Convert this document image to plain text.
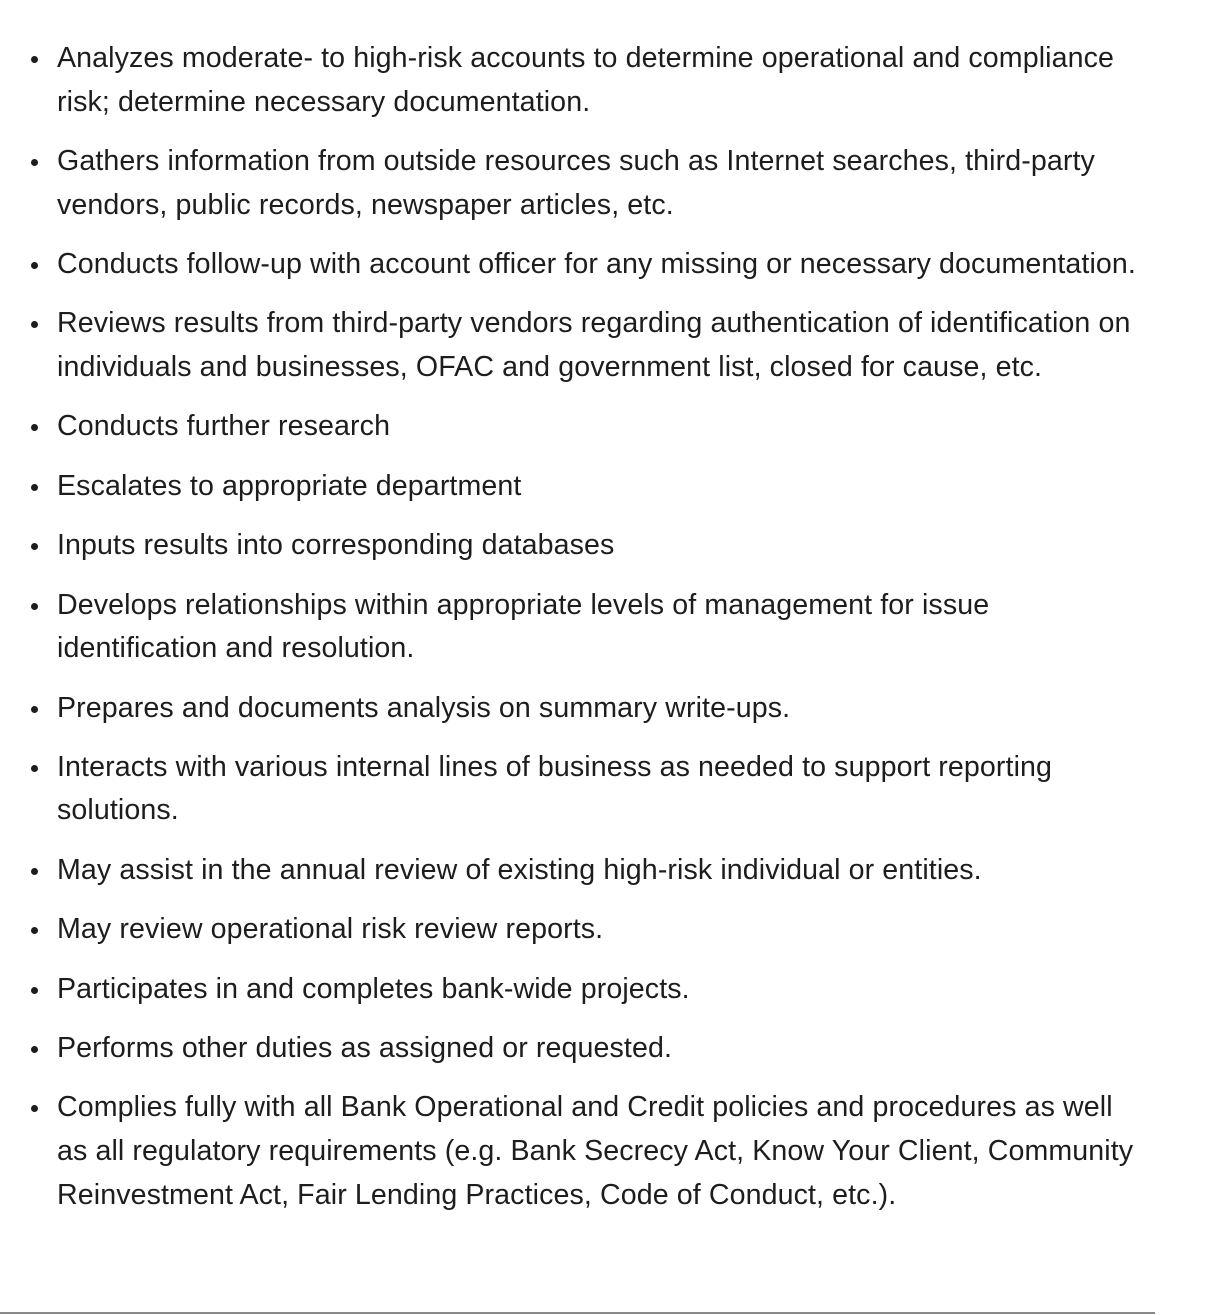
Analyzes moderate- to high-risk accounts to determine operational and compliance risk; determine necessary documentation.
Gathers information from outside resources such as Internet searches, third-party vendors, public records, newspaper articles, etc.
Conducts follow-up with account officer for any missing or necessary documentation.
Reviews results from third-party vendors regarding authentication of identification on individuals and businesses, OFAC and government list, closed for cause, etc.
Conducts further research
Escalates to appropriate department
Inputs results into corresponding databases
Develops relationships within appropriate levels of management for issue identification and resolution.
Prepares and documents analysis on summary write-ups.
Interacts with various internal lines of business as needed to support reporting solutions.
May assist in the annual review of existing high-risk individual or entities.
May review operational risk review reports.
Participates in and completes bank-wide projects.
Performs other duties as assigned or requested.
Complies fully with all Bank Operational and Credit policies and procedures as well as all regulatory requirements (e.g. Bank Secrecy Act, Know Your Client, Community Reinvestment Act, Fair Lending Practices, Code of Conduct, etc.).
